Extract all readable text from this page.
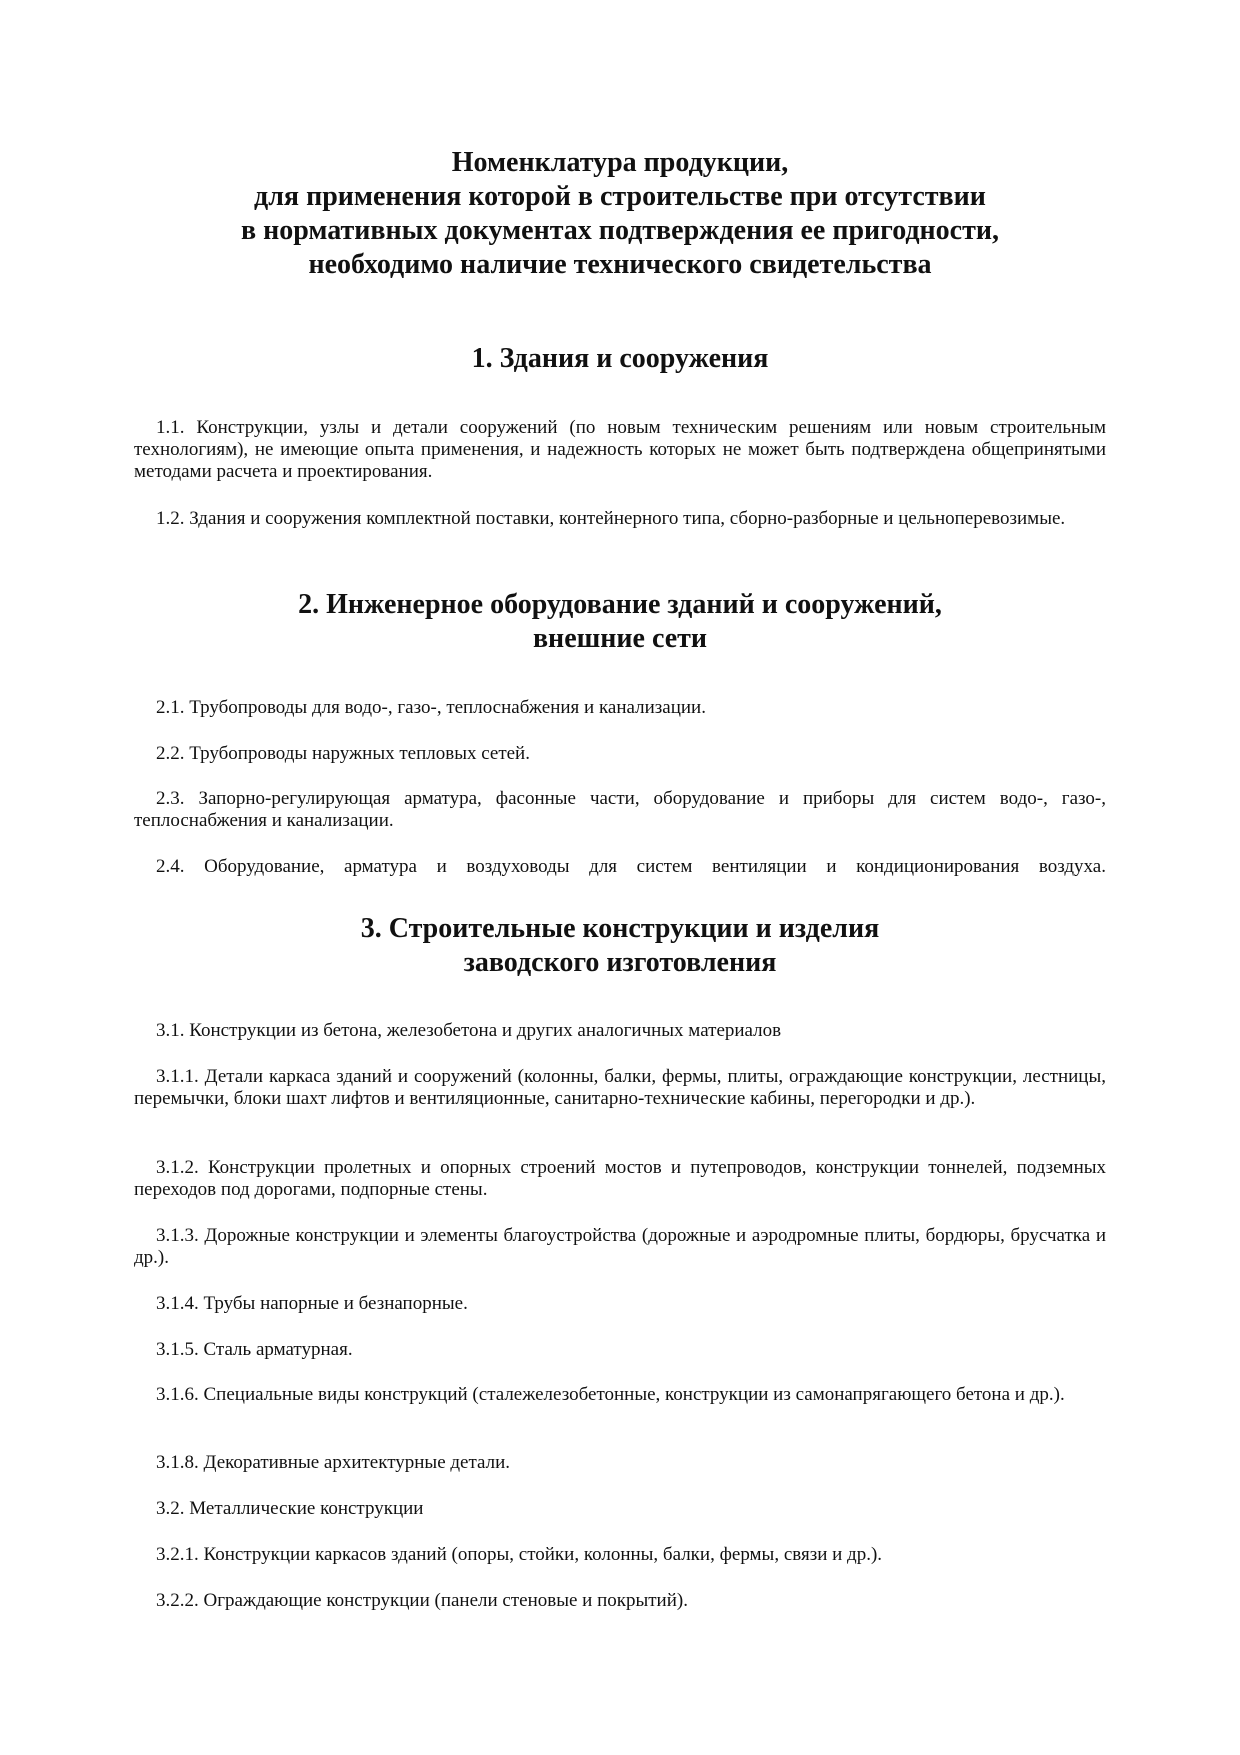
Номенклатура продукции,
для применения которой в строительстве при отсутствии
в нормативных документах подтверждения ее пригодности,
необходимо наличие технического свидетельства
1. Здания и сооружения
1.1. Конструкции, узлы и детали сооружений (по новым техническим решениям или новым строительным технологиям), не имеющие опыта применения, и надежность которых не может быть подтверждена общепринятыми методами расчета и проектирования.
1.2. Здания и сооружения комплектной поставки, контейнерного типа, сборно-разборные и цельноперевозимые.
2. Инженерное оборудование зданий и сооружений,
внешние сети
2.1. Трубопроводы для водо-, газо-, теплоснабжения и канализации.
2.2. Трубопроводы наружных тепловых сетей.
2.3. Запорно-регулирующая арматура, фасонные части, оборудование и приборы для систем водо-, газо-, теплоснабжения и канализации.
2.4. Оборудование, арматура и воздуховоды для систем вентиляции и кондиционирования воздуха.
3. Строительные конструкции и изделия
заводского изготовления
3.1. Конструкции из бетона, железобетона и других аналогичных материалов
3.1.1. Детали каркаса зданий и сооружений (колонны, балки, фермы, плиты, ограждающие конструкции, лестницы, перемычки, блоки шахт лифтов и вентиляционные, санитарно-технические кабины, перегородки и др.).
3.1.2. Конструкции пролетных и опорных строений мостов и путепроводов, конструкции тоннелей, подземных переходов под дорогами, подпорные стены.
3.1.3. Дорожные конструкции и элементы благоустройства (дорожные и аэродромные плиты, бордюры, брусчатка и др.).
3.1.4. Трубы напорные и безнапорные.
3.1.5. Сталь арматурная.
3.1.6. Специальные виды конструкций (сталежелезобетонные, конструкции из самонапрягающего бетона и др.).
3.1.8. Декоративные архитектурные детали.
3.2. Металлические конструкции
3.2.1. Конструкции каркасов зданий (опоры, стойки, колонны, балки, фермы, связи и др.).
3.2.2. Ограждающие конструкции (панели стеновые и покрытий).
